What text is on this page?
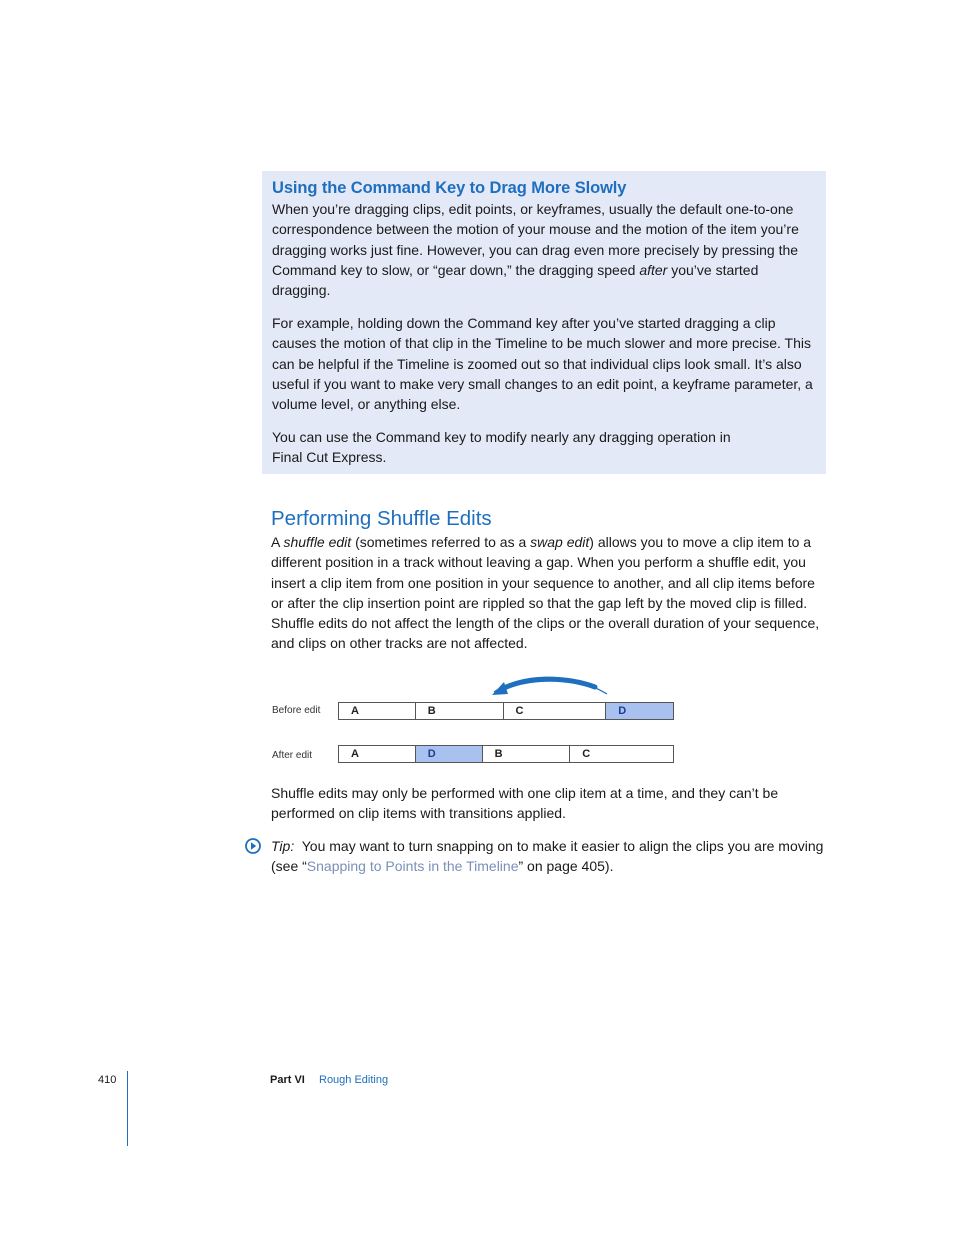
Using the Command Key to Drag More Slowly

When you’re dragging clips, edit points, or keyframes, usually the default one-to-one correspondence between the motion of your mouse and the motion of the item you’re dragging works just fine. However, you can drag even more precisely by pressing the Command key to slow, or “gear down,” the dragging speed after you’ve started dragging.

For example, holding down the Command key after you’ve started dragging a clip causes the motion of that clip in the Timeline to be much slower and more precise. This can be helpful if the Timeline is zoomed out so that individual clips look small. It’s also useful if you want to make very small changes to an edit point, a keyframe parameter, a volume level, or anything else.

You can use the Command key to modify nearly any dragging operation in
Final Cut Express.

Performing Shuffle Edits

A shuffle edit (sometimes referred to as a swap edit) allows you to move a clip item to a different position in a track without leaving a gap. When you perform a shuffle edit, you insert a clip item from one position in your sequence to another, and all clip items before or after the clip insertion point are rippled so that the gap left by the moved clip is filled. Shuffle edits do not affect the length of the clips or the overall duration of your sequence, and clips on other tracks are not affected.

Before edit	A	B	C	D
After edit	A	D	B	C

Shuffle edits may only be performed with one clip item at a time, and they can’t be performed on clip items with transitions applied.

Tip:  You may want to turn snapping on to make it easier to align the clips you are moving (see “Snapping to Points in the Timeline” on page 405).

410	Part VI Rough Editing
